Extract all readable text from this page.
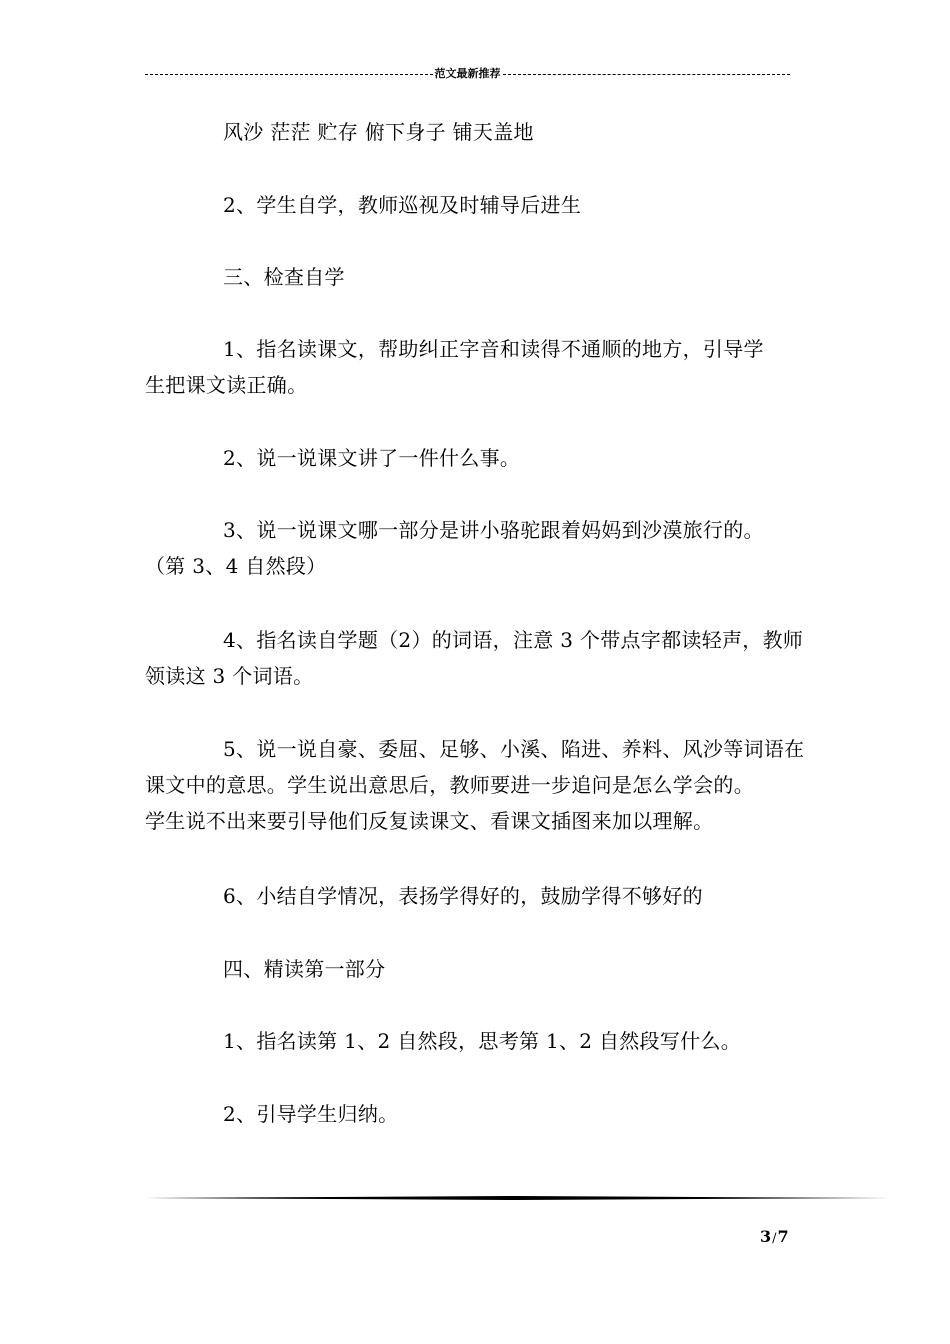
范文最新推荐
风沙 茫茫 贮存 俯下身子 铺天盖地
2、学生自学，教师巡视及时辅导后进生
三、检查自学
1、指名读课文，帮助纠正字音和读得不通顺的地方，引导学
生把课文读正确。
2、说一说课文讲了一件什么事。
3、说一说课文哪一部分是讲小骆驼跟着妈妈到沙漠旅行的。
（第 3、4 自然段）
4、指名读自学题（2）的词语，注意 3 个带点字都读轻声，教师
领读这 3 个词语。
5、说一说自豪、委屈、足够、小溪、陷进、养料、风沙等词语在
课文中的意思。学生说出意思后，教师要进一步追问是怎么学会的。
学生说不出来要引导他们反复读课文、看课文插图来加以理解。
6、小结自学情况，表扬学得好的，鼓励学得不够好的
四、精读第一部分
1、指名读第 1、2 自然段，思考第 1、2 自然段写什么。
2、引导学生归纳。
3/7
